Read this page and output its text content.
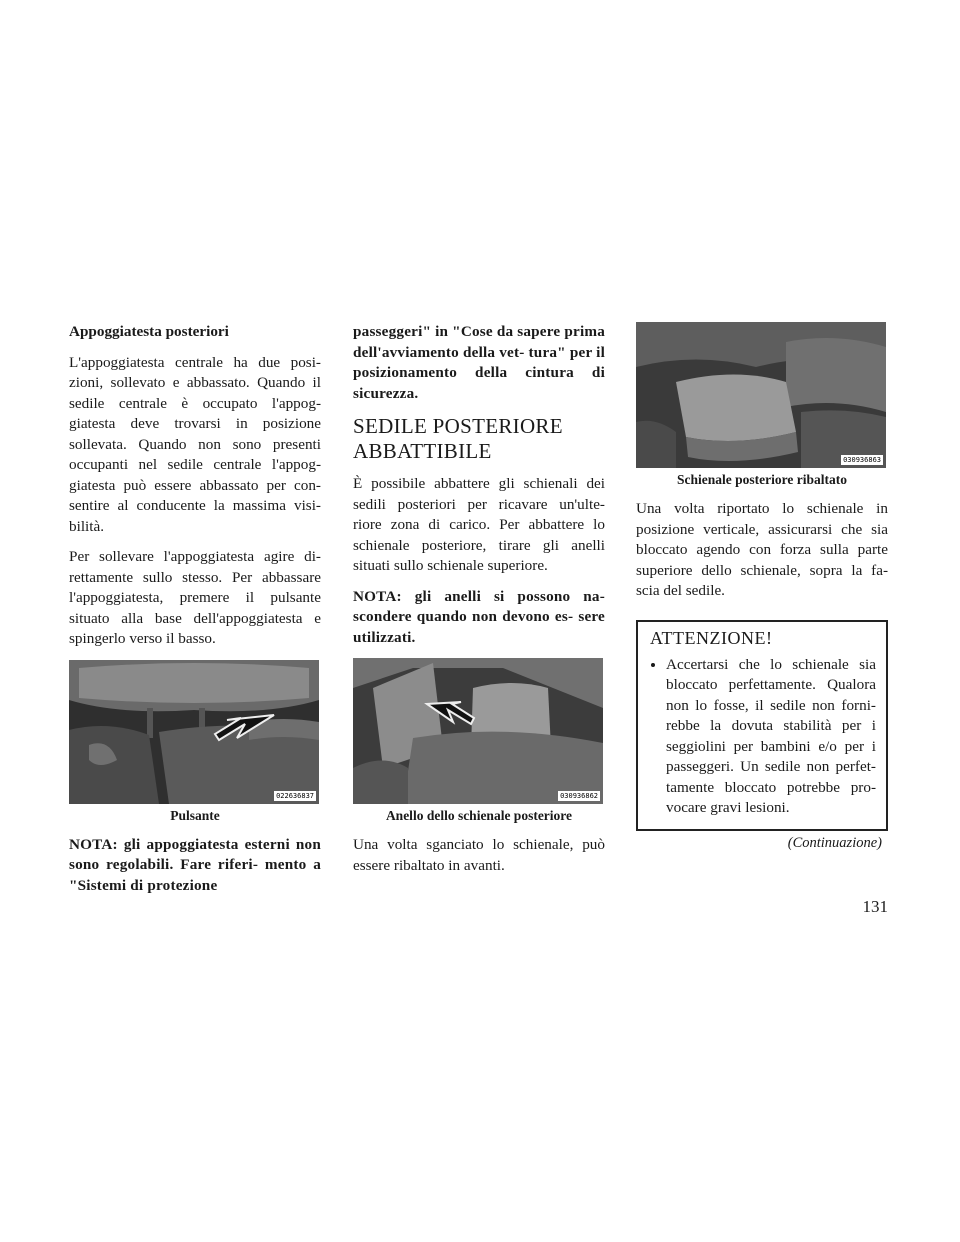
Appoggiatesta posteriori

L'appoggiatesta centrale ha due posi- zioni, sollevato e abbassato. Quando il sedile centrale è occupato l'appog- giatesta deve trovarsi in posizione sollevata. Quando non sono presenti occupanti nel sedile centrale l'appog- giatesta può essere abbassato per con- sentire al conducente la massima visi- bilità.

Per sollevare l'appoggiatesta agire di- rettamente sullo stesso. Per abbassare l'appoggiatesta, premere il pulsante situato alla base dell'appoggiatesta e spingerlo verso il basso.

022636837
Pulsante

NOTA: gli appoggiatesta esterni non sono regolabili. Fare riferi- mento a "Sistemi di protezione

passeggeri" in "Cose da sapere prima dell'avviamento della vet- tura" per il posizionamento della cintura di sicurezza.

SEDILE POSTERIORE ABBATTIBILE

È possibile abbattere gli schienali dei sedili posteriori per ricavare un'ulte- riore zona di carico. Per abbattere lo schienale posteriore, tirare gli anelli situati sullo schienale superiore.

NOTA: gli anelli si possono na- scondere quando non devono es- sere utilizzati.

030936862
Anello dello schienale posteriore

Una volta sganciato lo schienale, può essere ribaltato in avanti.

030936863
Schienale posteriore ribaltato

Una volta riportato lo schienale in posizione verticale, assicurarsi che sia bloccato agendo con forza sulla parte superiore dello schienale, sopra la fa- scia del sedile.

ATTENZIONE!
• Accertarsi che lo schienale sia bloccato perfettamente. Qualora non lo fosse, il sedile non forni- rebbe la dovuta stabilità per i seggiolini per bambini e/o per i passeggeri. Un sedile non perfet- tamente bloccato potrebbe pro- vocare gravi lesioni.
(Continuazione)
131
